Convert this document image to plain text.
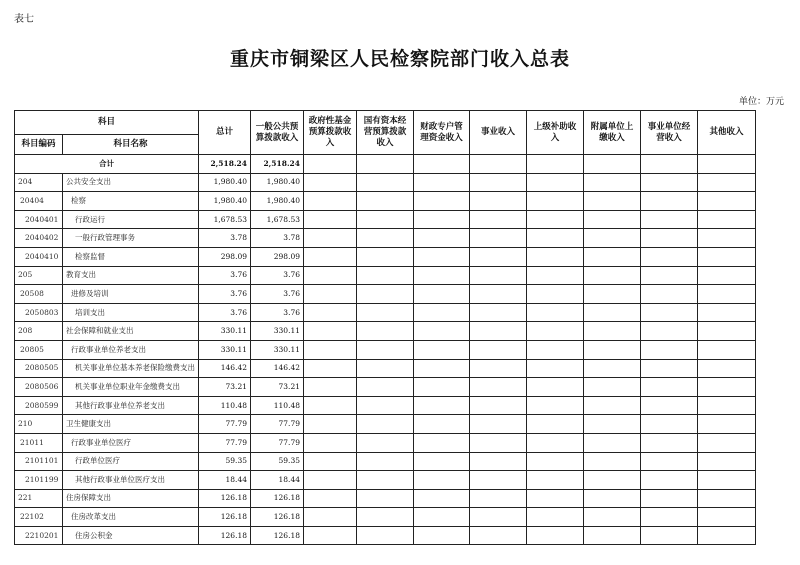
表七
重庆市铜梁区人民检察院部门收入总表
单位：万元
科目		总计	一般公共预算拨款收入	政府性基金预算拨款收入	国有资本经营预算拨款收入	财政专户管理资金收入	事业收入	上级补助收入	附属单位上缴收入	事业单位经营收入	其他收入
科目编码	科目名称										
合计		2,518.24	2,518.24								
204	公共安全支出	1,980.40	1,980.40								
20404	检察	1,980.40	1,980.40								
2040401	行政运行	1,678.53	1,678.53								
2040402	一般行政管理事务	3.78	3.78								
2040410	检察监督	298.09	298.09								
205	教育支出	3.76	3.76								
20508	进修及培训	3.76	3.76								
2050803	培训支出	3.76	3.76								
208	社会保障和就业支出	330.11	330.11								
20805	行政事业单位养老支出	330.11	330.11								
2080505	机关事业单位基本养老保险缴费支出	146.42	146.42								
2080506	机关事业单位职业年金缴费支出	73.21	73.21								
2080599	其他行政事业单位养老支出	110.48	110.48								
210	卫生健康支出	77.79	77.79								
21011	行政事业单位医疗	77.79	77.79								
2101101	行政单位医疗	59.35	59.35								
2101199	其他行政事业单位医疗支出	18.44	18.44								
221	住房保障支出	126.18	126.18								
22102	住房改革支出	126.18	126.18								
2210201	住房公积金	126.18	126.18								
